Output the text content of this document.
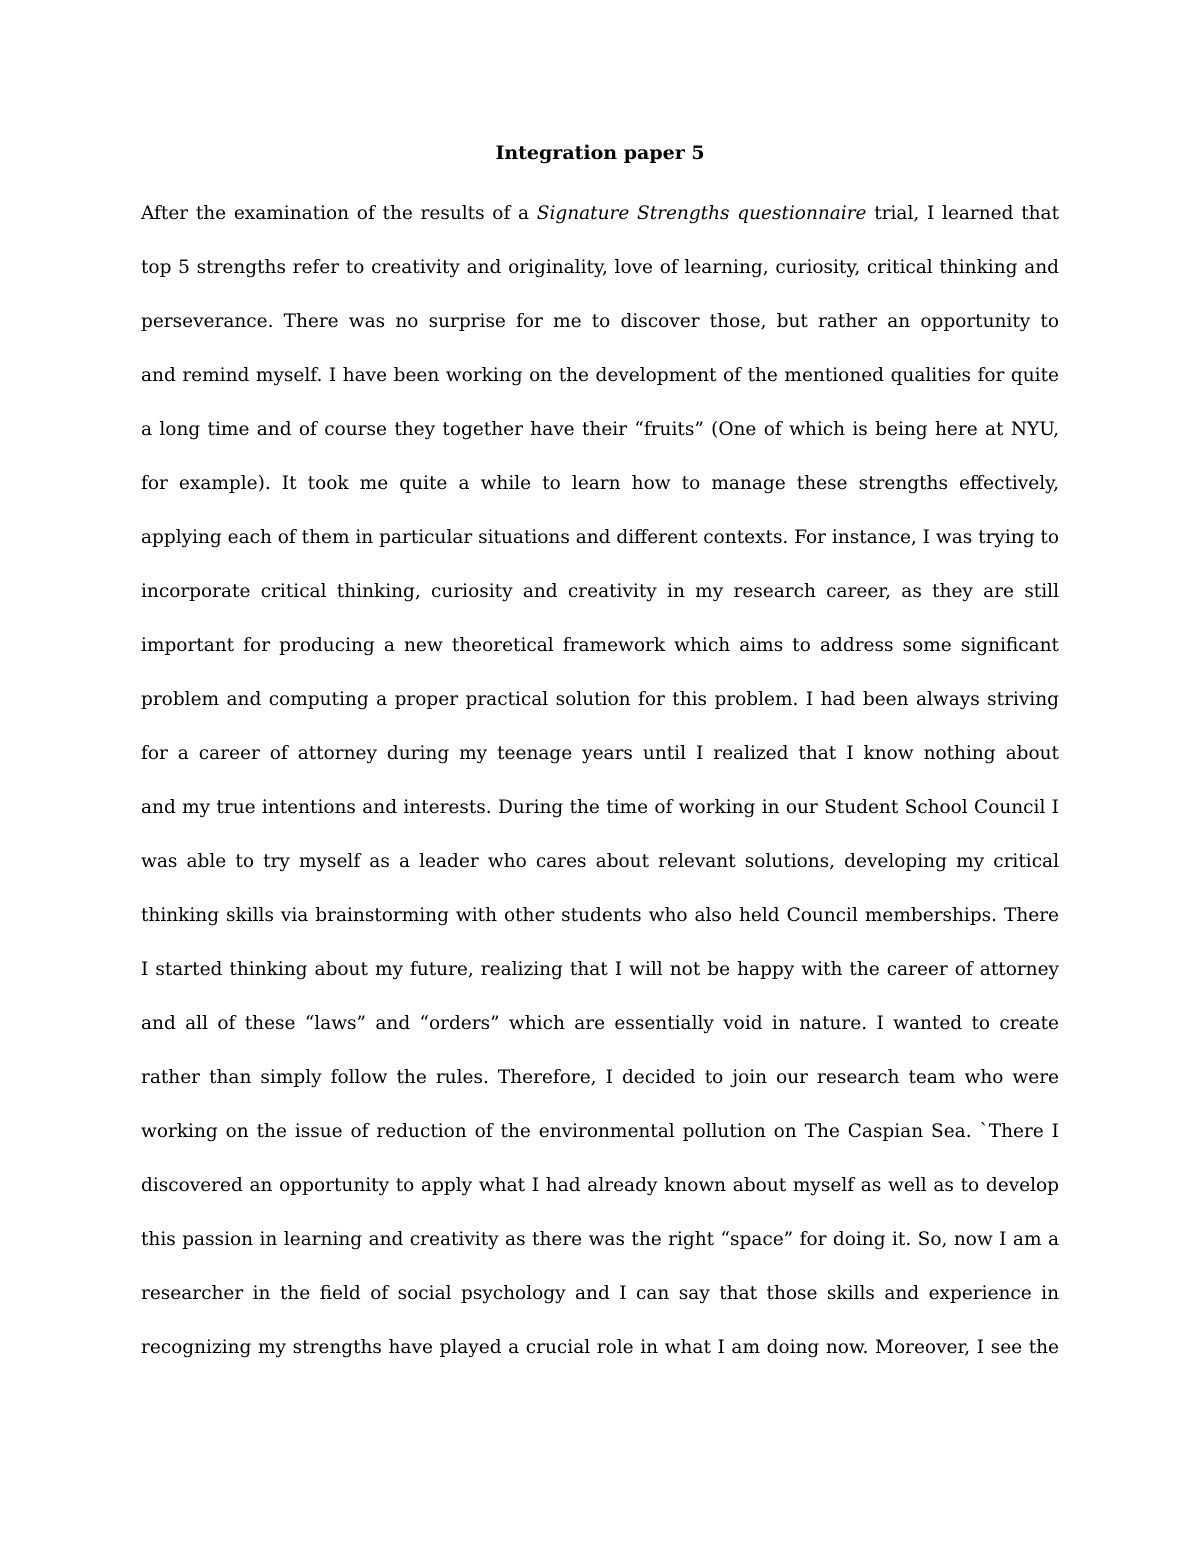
Integration paper 5
After the examination of the results of a Signature Strengths questionnaire trial, I learned that
top 5 strengths refer to creativity and originality, love of learning, curiosity, critical thinking and
perseverance. There was no surprise for me to discover those, but rather an opportunity to
and remind myself. I have been working on the development of the mentioned qualities for quite
a long time and of course they together have their “fruits” (One of which is being here at NYU,
for example). It took me quite a while to learn how to manage these strengths effectively,
applying each of them in particular situations and different contexts. For instance, I was trying to
incorporate critical thinking, curiosity and creativity in my research career, as they are still
important for producing a new theoretical framework which aims to address some significant
problem and computing a proper practical solution for this problem. I had been always striving
for a career of attorney during my teenage years until I realized that I know nothing about
and my true intentions and interests. During the time of working in our Student School Council I
was able to try myself as a leader who cares about relevant solutions, developing my critical
thinking skills via brainstorming with other students who also held Council memberships. There
I started thinking about my future, realizing that I will not be happy with the career of attorney
and all of these “laws” and “orders” which are essentially void in nature. I wanted to create
rather than simply follow the rules. Therefore, I decided to join our research team who were
working on the issue of reduction of the environmental pollution on The Caspian Sea. `There I
discovered an opportunity to apply what I had already known about myself as well as to develop
this passion in learning and creativity as there was the right “space” for doing it. So, now I am a
researcher in the field of social psychology and I can say that those skills and experience in
recognizing my strengths have played a crucial role in what I am doing now. Moreover, I see the
